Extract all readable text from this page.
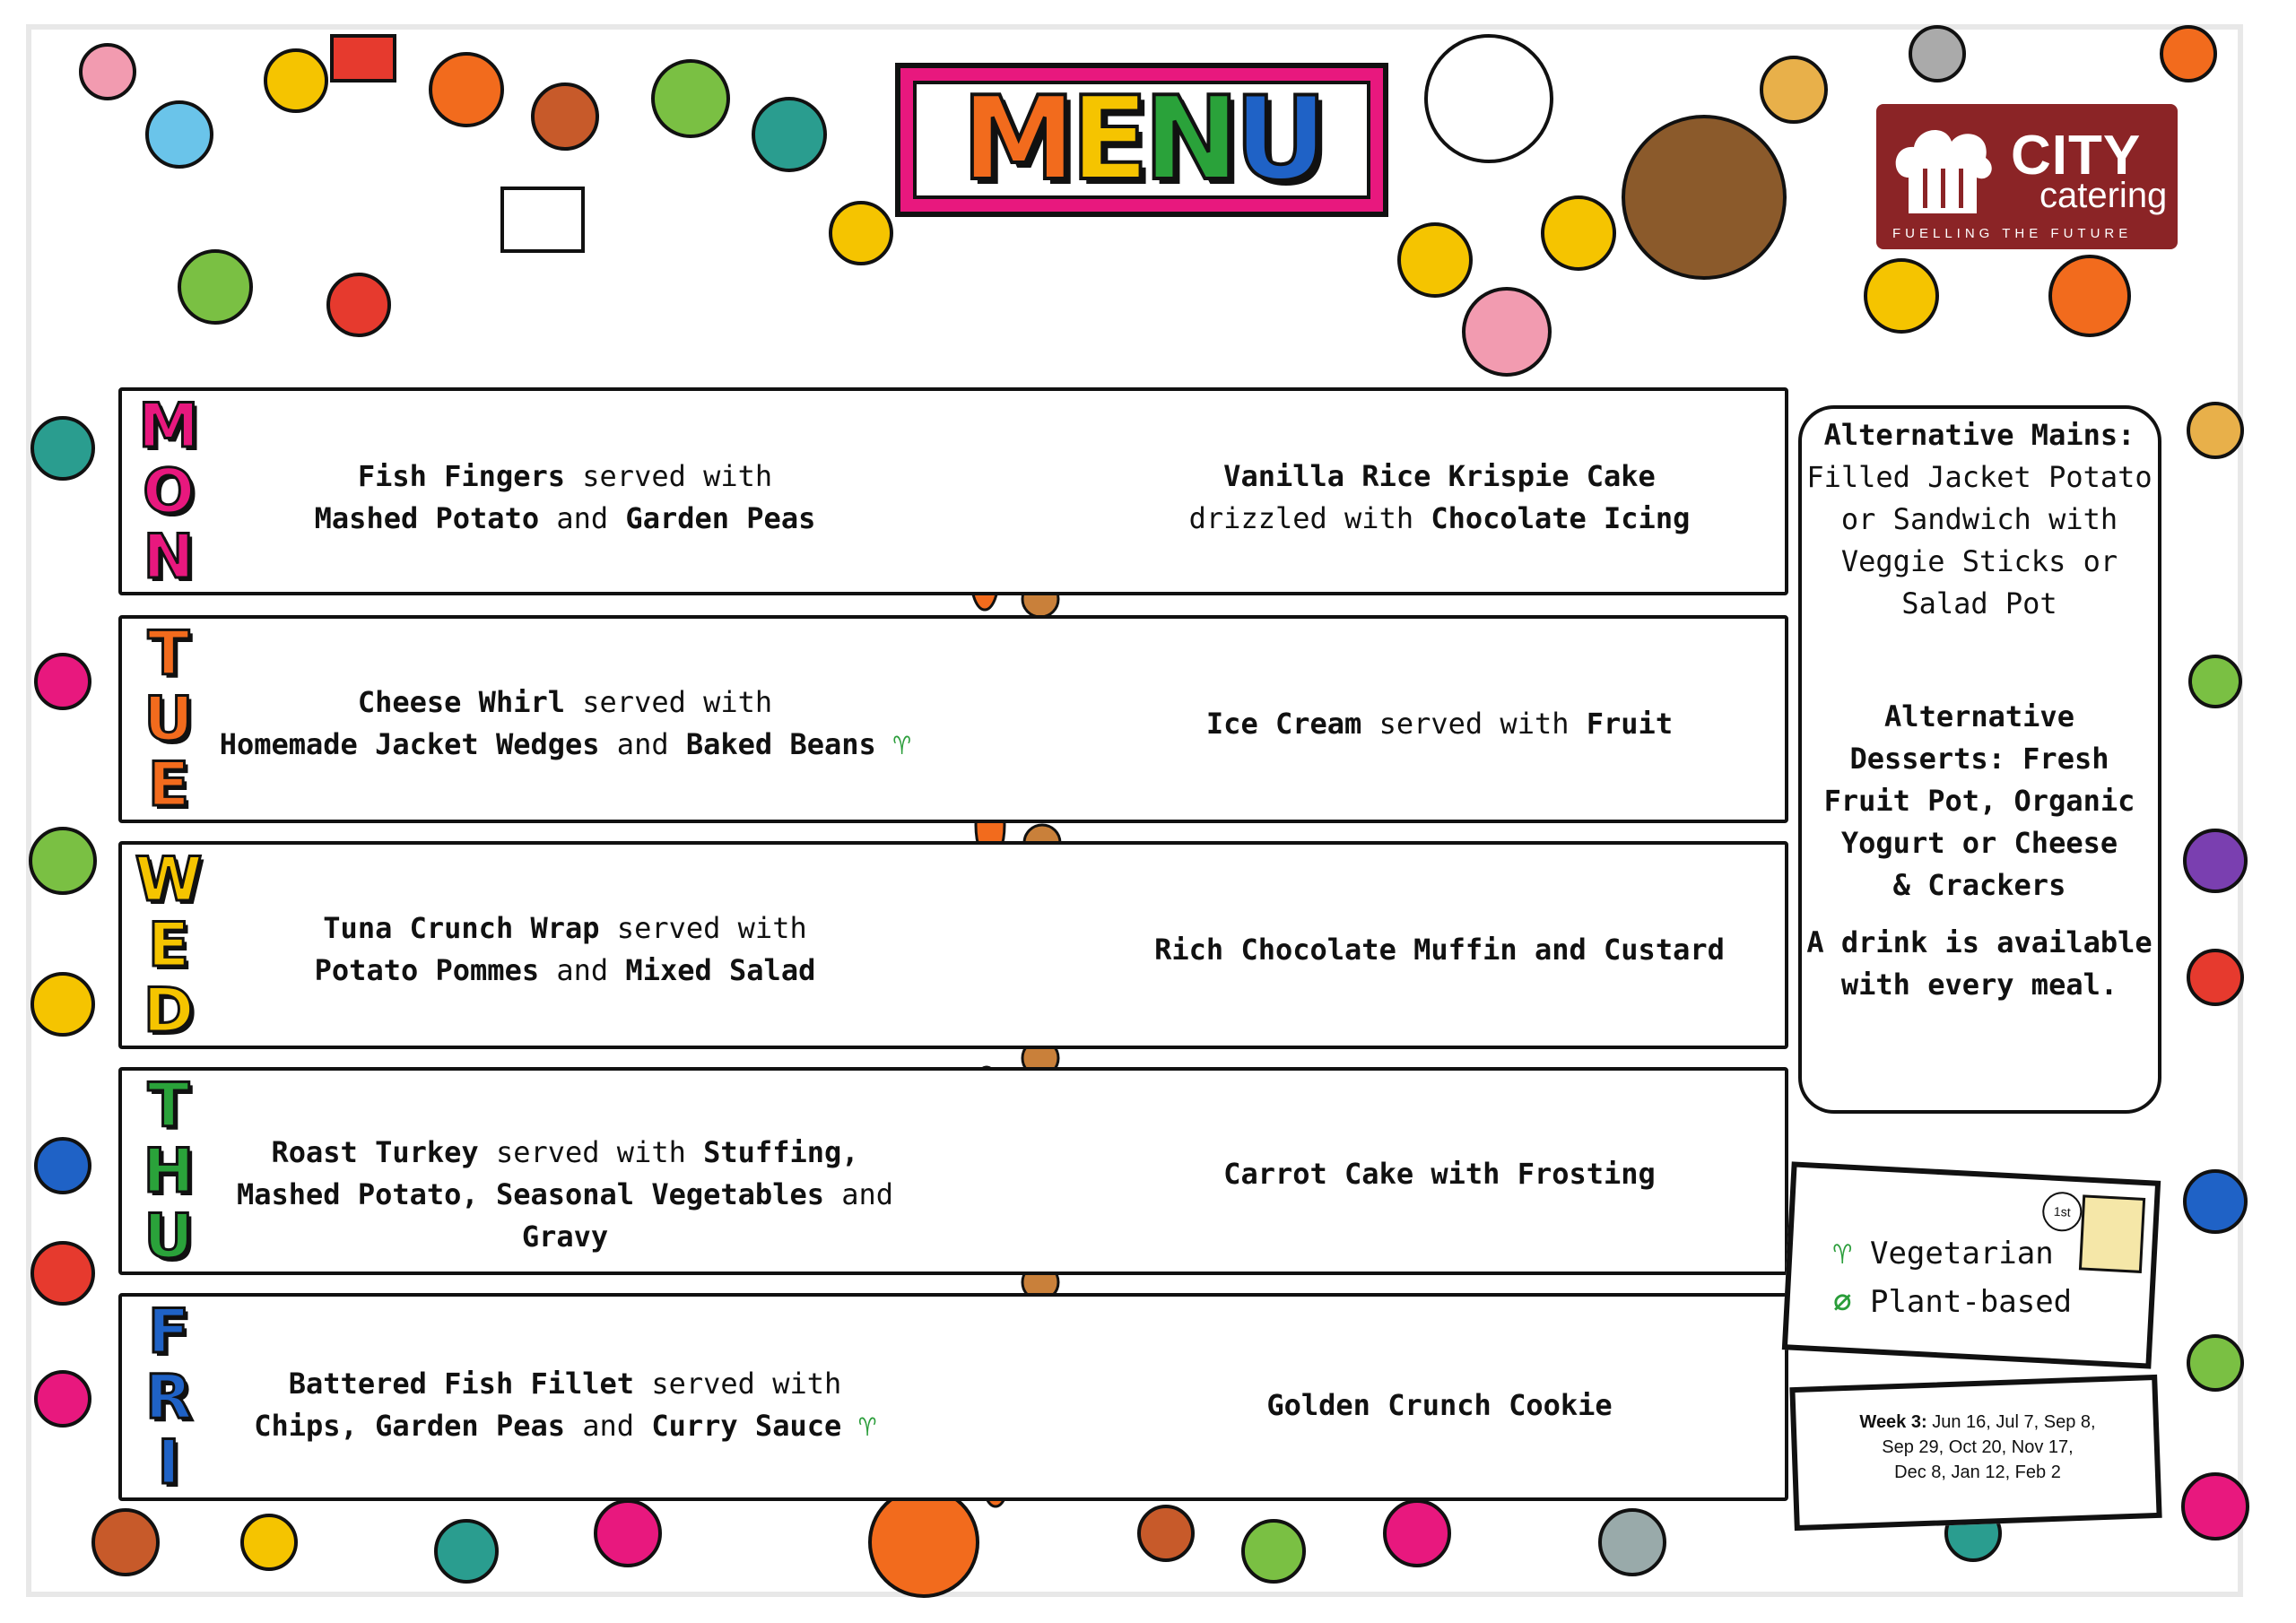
MENU	CITY
catering
FUELLING THE FUTURE
M
O
N
Fish Fingers served with
Mashed Potato and Garden Peas
Vanilla Rice Krispie Cake
drizzled with Chocolate Icing
T
U
E
Cheese Whirl served with
Homemade Jacket Wedges and Baked Beans ♈
Ice Cream served with Fruit
W
E
D
Tuna Crunch Wrap served with
Potato Pommes and Mixed Salad
Rich Chocolate Muffin and Custard
T
H
U
Roast Turkey served with Stuffing,
Mashed Potato, Seasonal Vegetables and Gravy
Carrot Cake with Frosting
F
R
I
Battered Fish Fillet served with
Chips, Garden Peas and Curry Sauce ♈
Golden Crunch Cookie
Alternative Mains:
Filled Jacket Potato
or Sandwich with
Veggie Sticks or
Salad Pot
Alternative
Desserts: Fresh
Fruit Pot, Organic
Yogurt or Cheese
& Crackers
A drink is available
with every meal.
1st
♈ Vegetarian
⌀ Plant-based
Week 3: Jun 16, Jul 7, Sep 8,
Sep 29, Oct 20, Nov 17,
Dec 8, Jan 12, Feb 2
